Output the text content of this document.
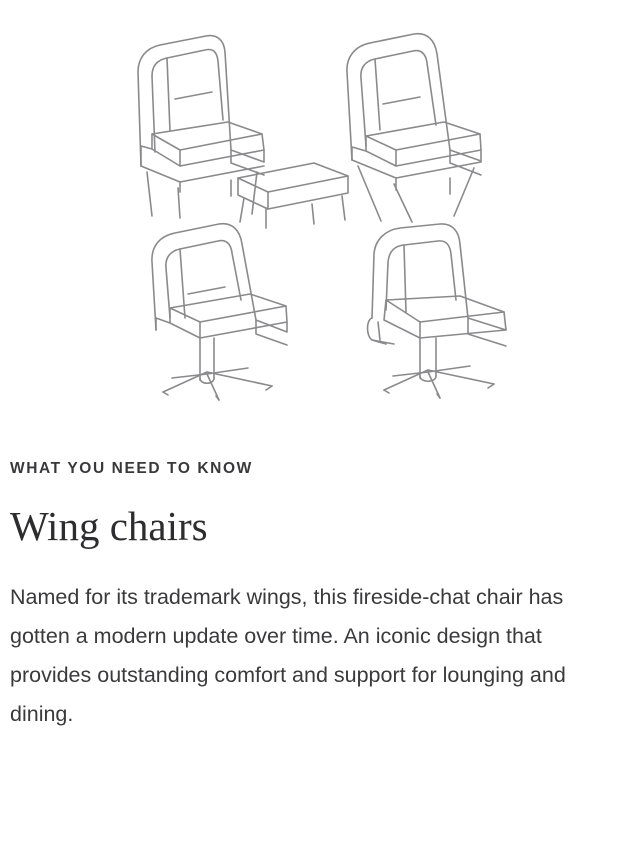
WHAT YOU NEED TO KNOW
Wing chairs

Named for its trademark wings, this fireside-chat chair has gotten a modern update over time. An iconic design that provides outstanding comfort and support for lounging and dining.
